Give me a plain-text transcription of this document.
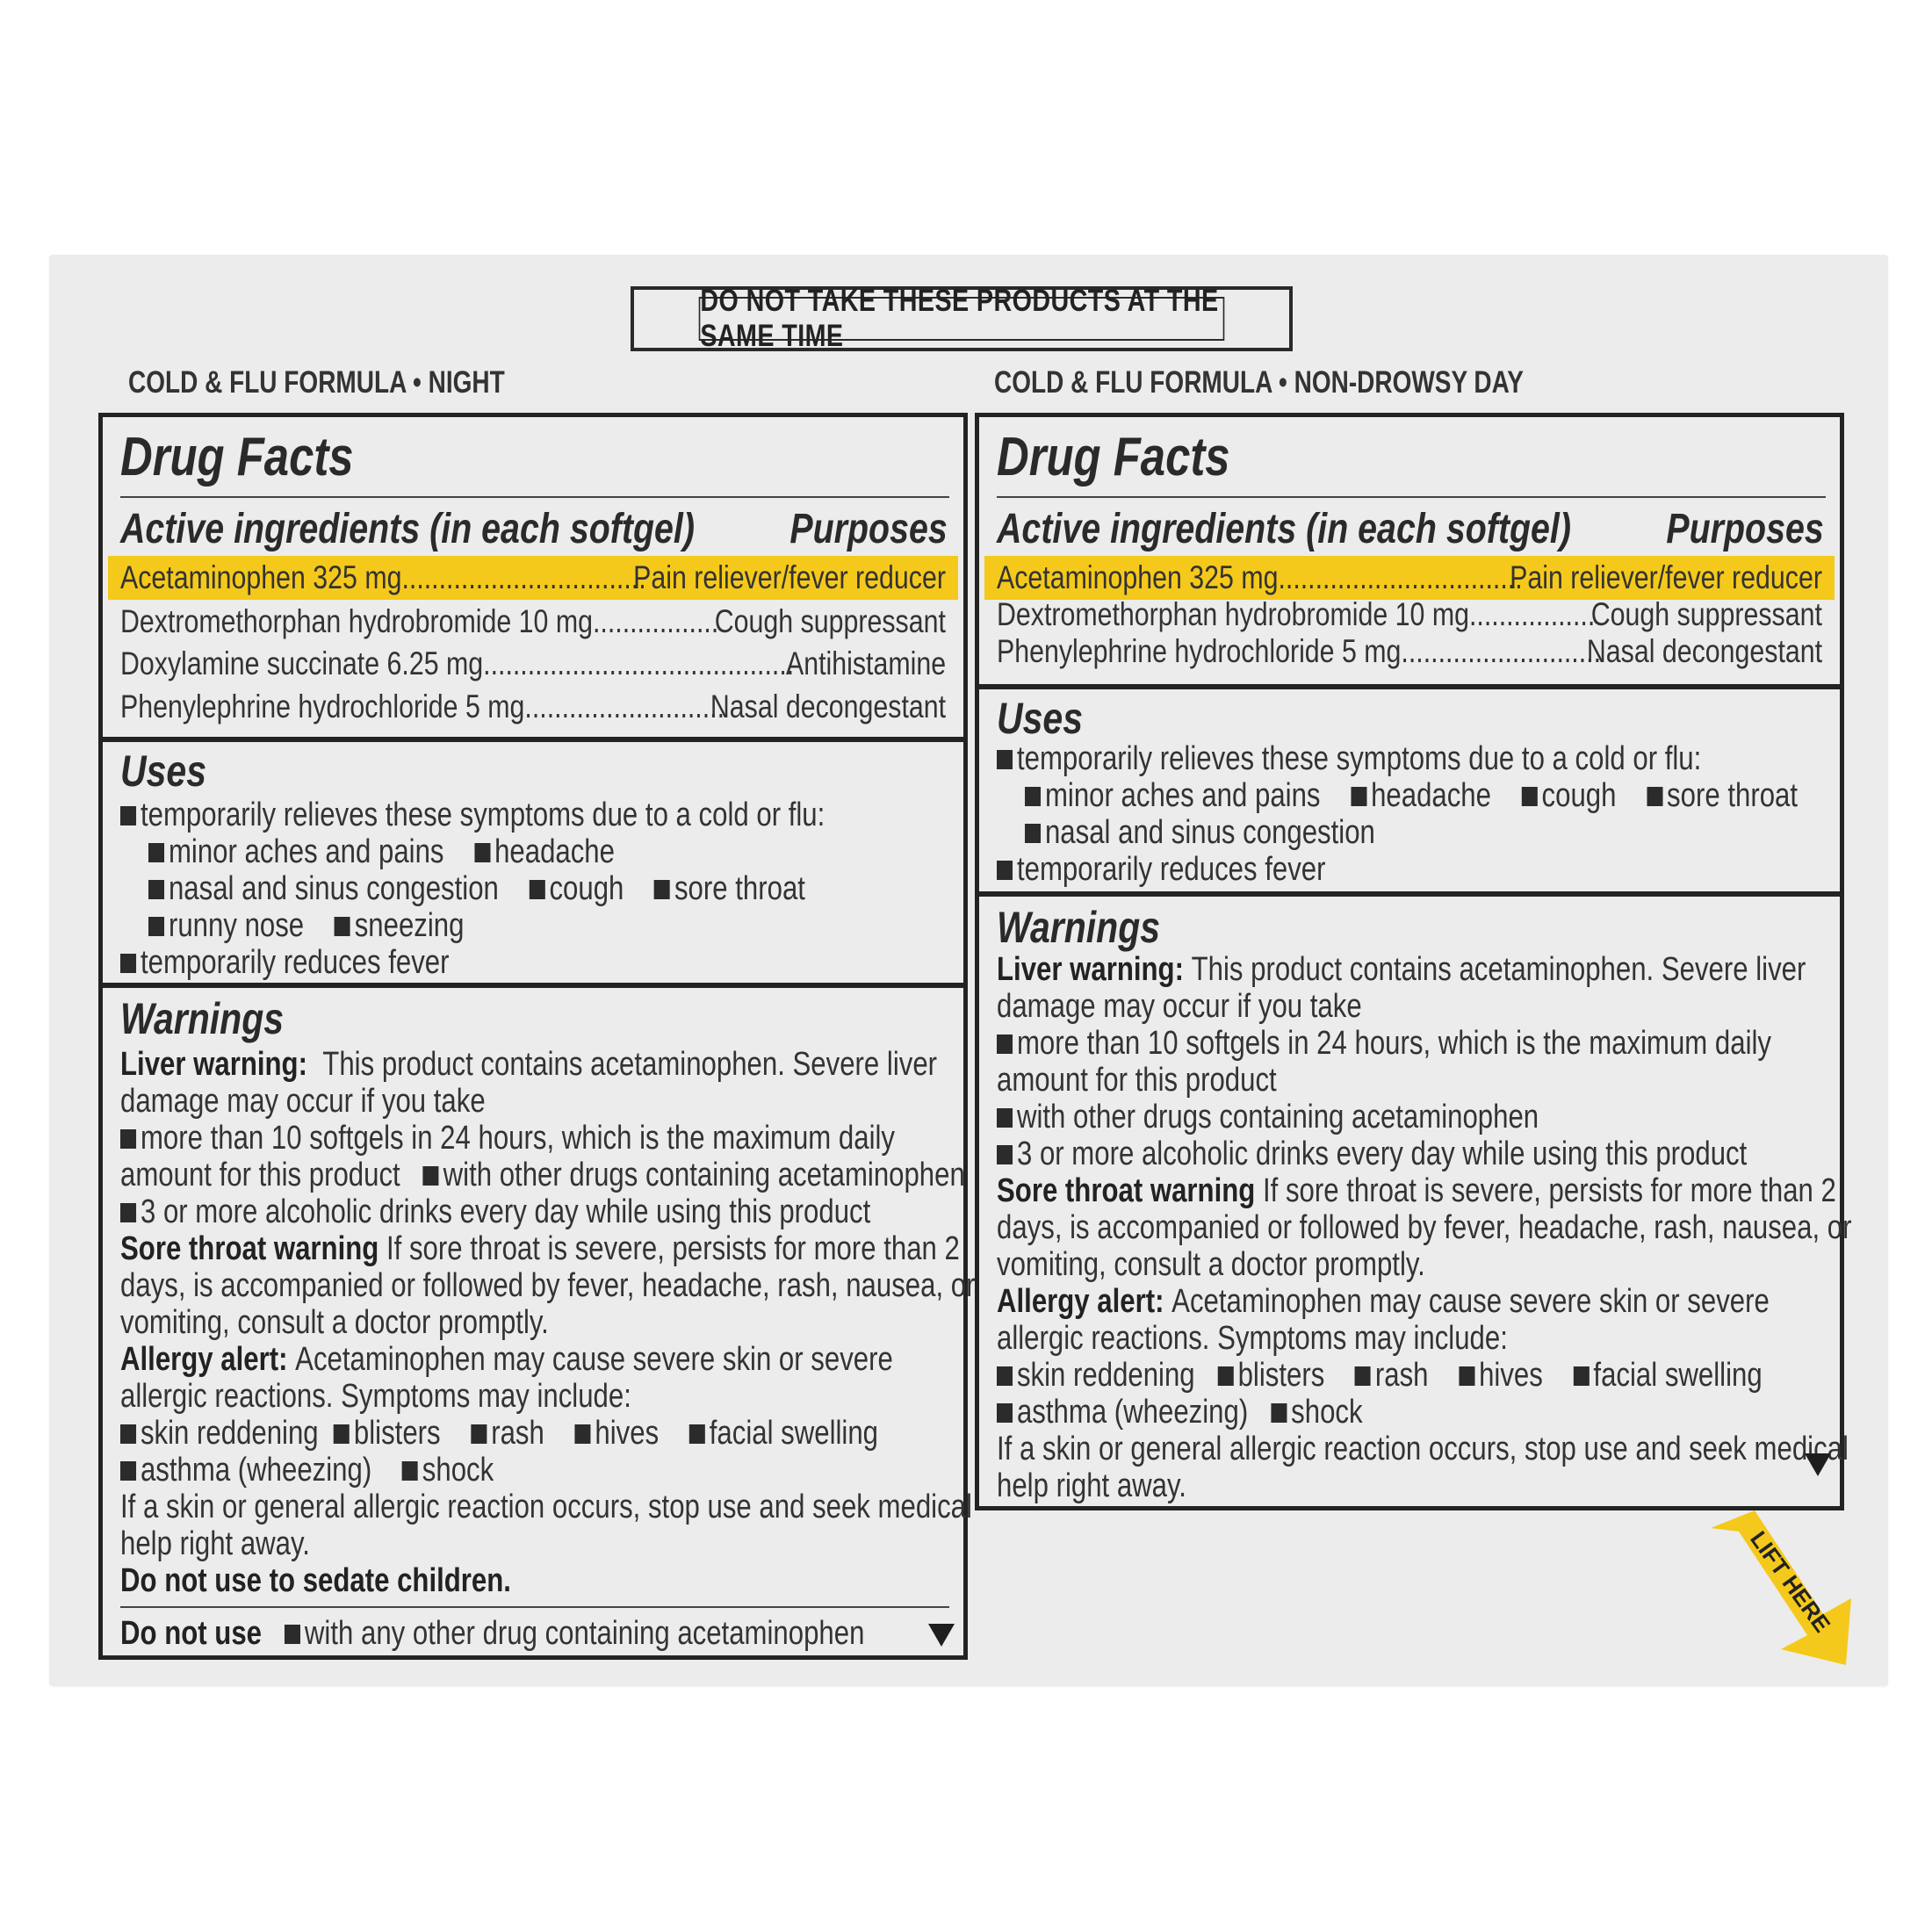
DO NOT TAKE THESE PRODUCTS AT THE SAME TIME
COLD & FLU FORMULA • NIGHT	COLD & FLU FORMULA • NON-DROWSY DAY
Drug Facts
Active ingredients (in each softgel) Purposes
Acetaminophen 325 mg.................................
Pain reliever/fever reducer
Dextromethorphan hydrobromide 10 mg.................
Cough suppressant
Doxylamine succinate 6.25 mg..........................................
Antihistamine
Phenylephrine hydrochloride 5 mg...........................
Nasal decongestant
Uses
temporarily relieves these symptoms due to a cold or flu:
minor aches and pains headache
nasal and sinus congestion cough sore throat
runny nose sneezing
temporarily reduces fever
Warnings
Liver warning: This product contains acetaminophen. Severe liver
damage may occur if you take
more than 10 softgels in 24 hours, which is the maximum daily
amount for this product with other drugs containing acetaminophen
3 or more alcoholic drinks every day while using this product
Sore throat warning If sore throat is severe, persists for more than 2
days, is accompanied or followed by fever, headache, rash, nausea, or
vomiting, consult a doctor promptly.
Allergy alert: Acetaminophen may cause severe skin or severe
allergic reactions. Symptoms may include:
skin reddening blisters rash hives facial swelling
asthma (wheezing) shock
If a skin or general allergic reaction occurs, stop use and seek medical
help right away.
Do not use to sedate children.
Do not use with any other drug containing acetaminophen
Drug Facts
Active ingredients (in each softgel) Purposes
Acetaminophen 325 mg.................................
Pain reliever/fever reducer
Dextromethorphan hydrobromide 10 mg.................
Cough suppressant
Phenylephrine hydrochloride 5 mg...........................
Nasal decongestant
Uses
temporarily relieves these symptoms due to a cold or flu:
minor aches and pains headache cough sore throat
nasal and sinus congestion
temporarily reduces fever
Warnings
Liver warning: This product contains acetaminophen. Severe liver
damage may occur if you take
more than 10 softgels in 24 hours, which is the maximum daily
amount for this product
with other drugs containing acetaminophen
3 or more alcoholic drinks every day while using this product
Sore throat warning If sore throat is severe, persists for more than 2
days, is accompanied or followed by fever, headache, rash, nausea, or
vomiting, consult a doctor promptly.
Allergy alert: Acetaminophen may cause severe skin or severe
allergic reactions. Symptoms may include:
skin reddening blisters rash hives facial swelling
asthma (wheezing) shock
If a skin or general allergic reaction occurs, stop use and seek medical
help right away.
LIFT HERE
